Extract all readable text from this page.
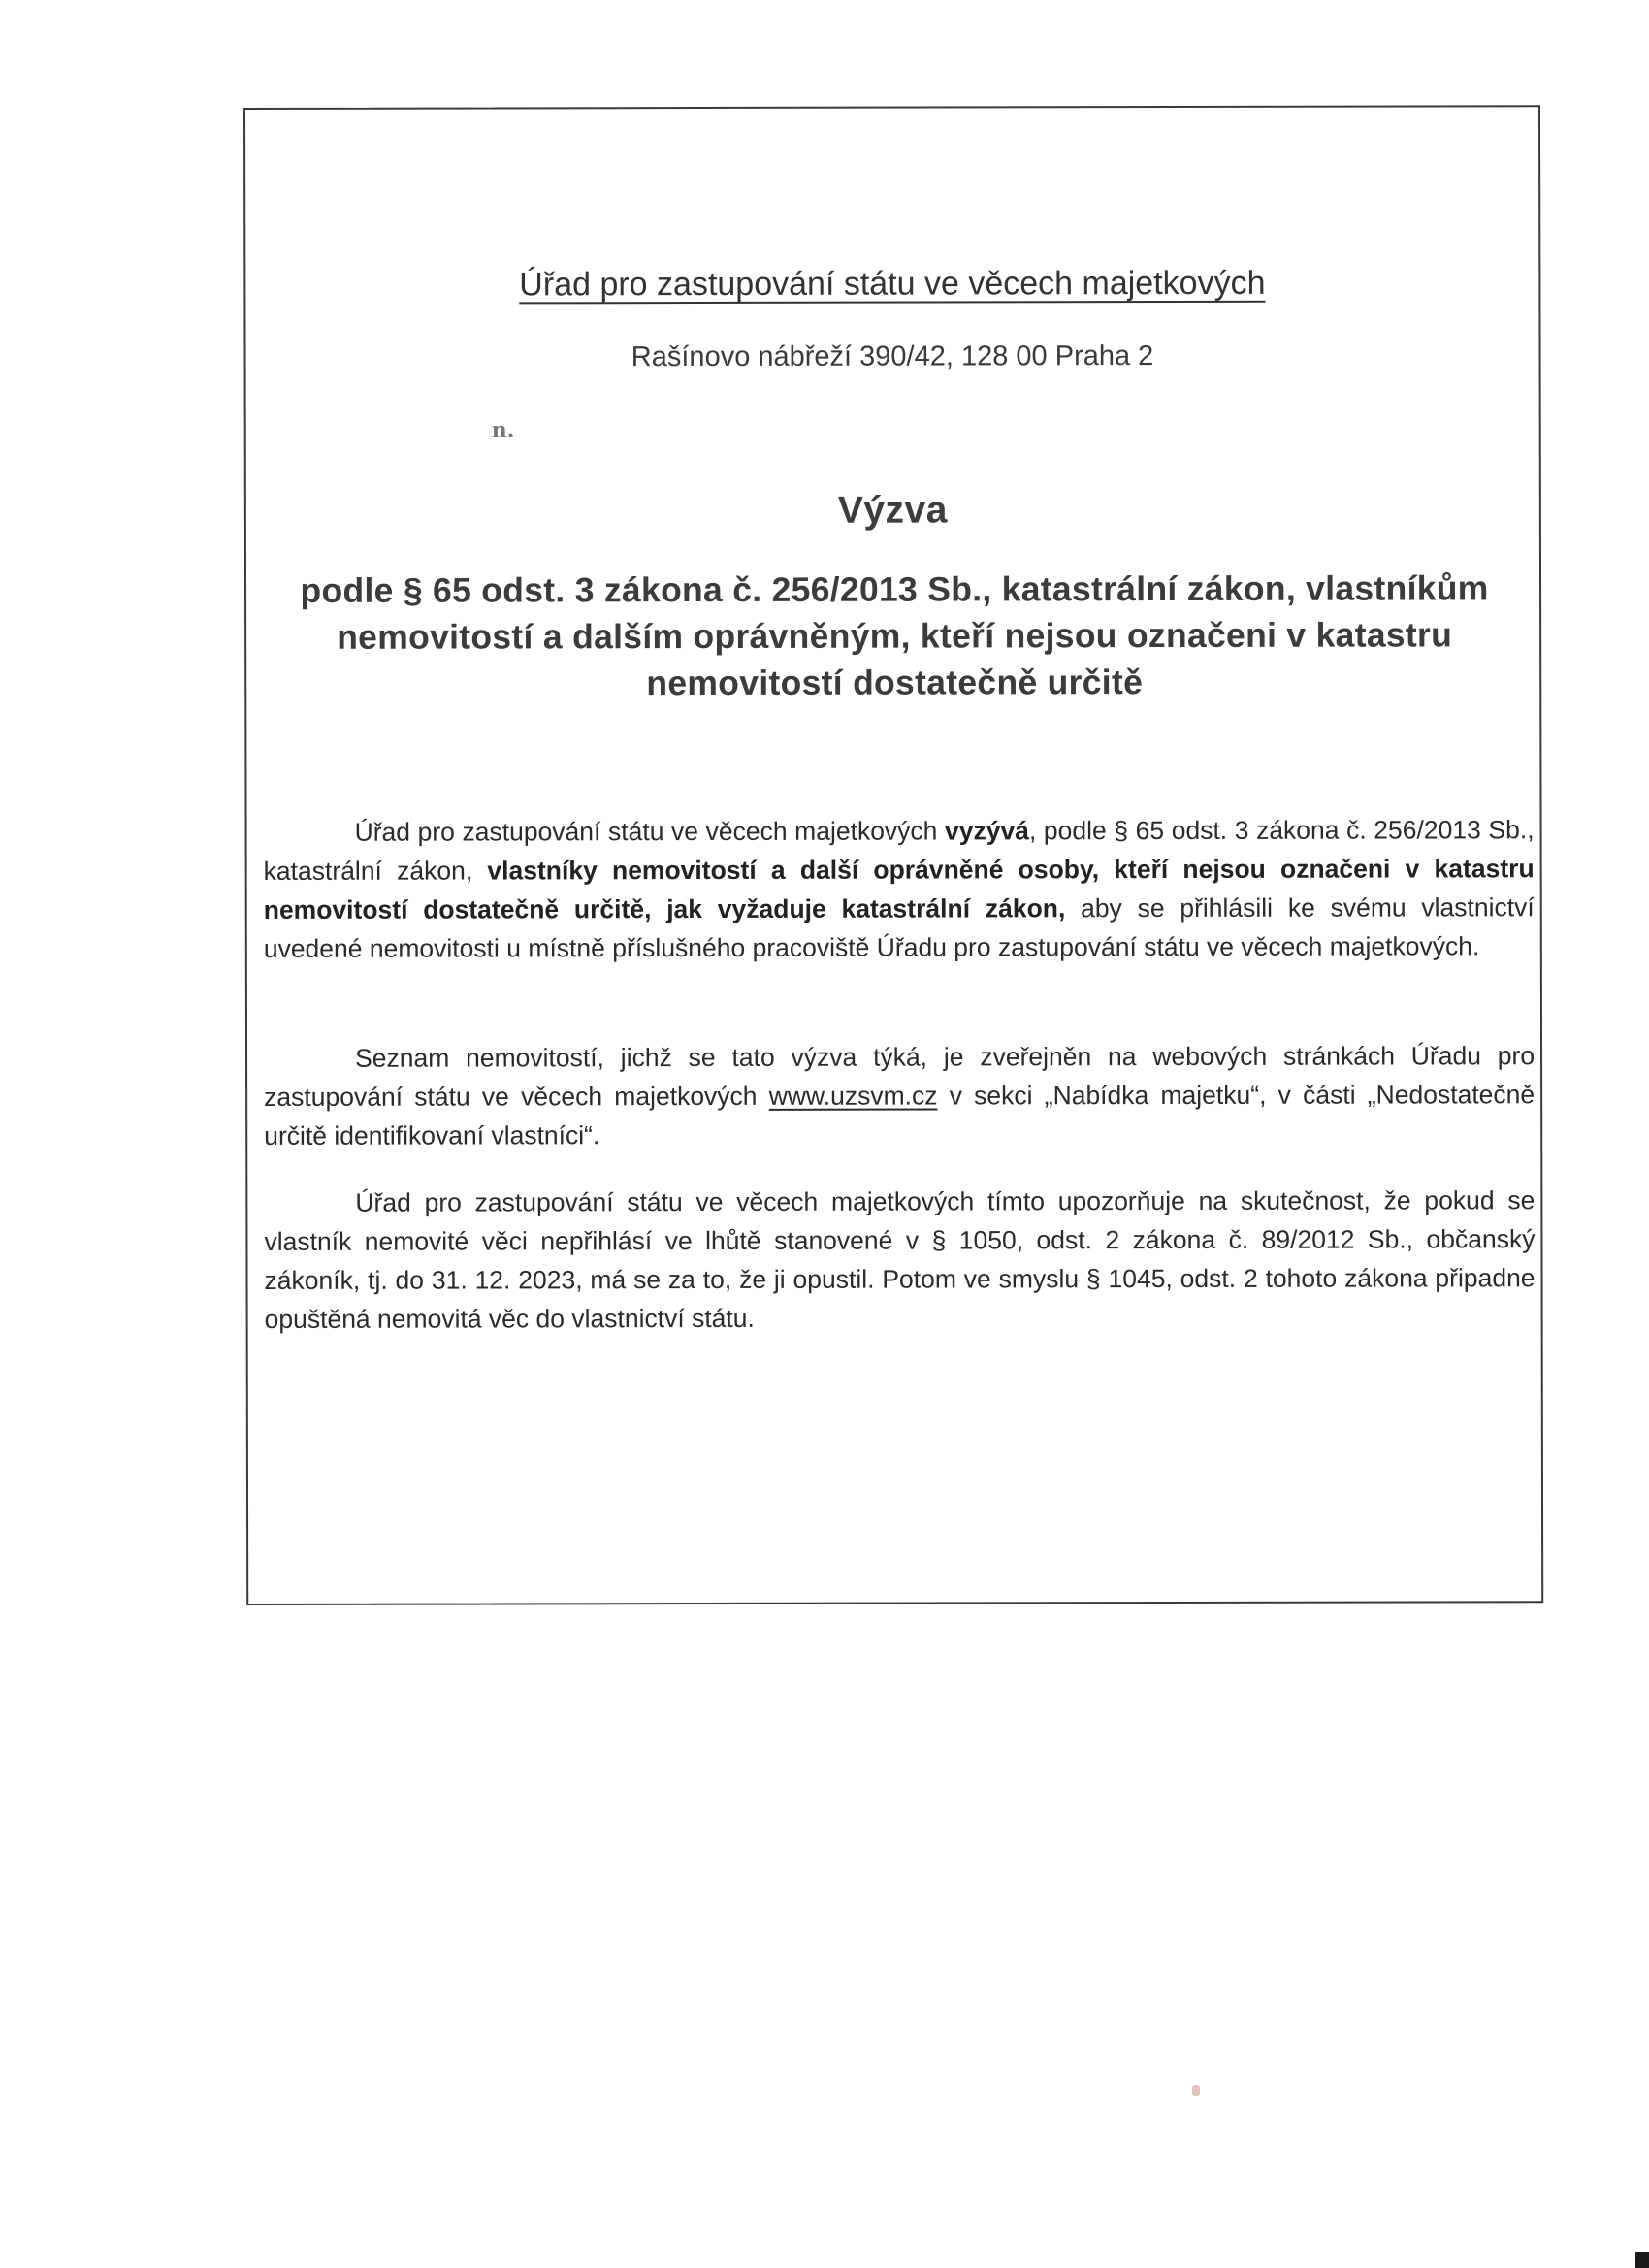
Úřad pro zastupování státu ve věcech majetkových
Rašínovo nábřeží 390/42, 128 00 Praha 2
n.
Výzva
podle § 65 odst. 3 zákona č. 256/2013 Sb., katastrální zákon, vlastníkům nemovitostí a dalším oprávněným, kteří nejsou označeni v katastru nemovitostí dostatečně určitě
Úřad pro zastupování státu ve věcech majetkových vyzývá, podle § 65 odst. 3 zákona č. 256/2013 Sb., katastrální zákon, vlastníky nemovitostí a další oprávněné osoby, kteří nejsou označeni v katastru nemovitostí dostatečně určitě, jak vyžaduje katastrální zákon, aby se přihlásili ke svému vlastnictví uvedené nemovitosti u místně příslušného pracoviště Úřadu pro zastupování státu ve věcech majetkových.
Seznam nemovitostí, jichž se tato výzva týká, je zveřejněn na webových stránkách Úřadu pro zastupování státu ve věcech majetkových www.uzsvm.cz v sekci „Nabídka majetku“, v části „Nedostatečně určitě identifikovaní vlastníci“.
Úřad pro zastupování státu ve věcech majetkových tímto upozorňuje na skutečnost, že pokud se vlastník nemovité věci nepřihlásí ve lhůtě stanovené v § 1050, odst. 2 zákona č. 89/2012 Sb., občanský zákoník, tj. do 31. 12. 2023, má se za to, že ji opustil. Potom ve smyslu § 1045, odst. 2 tohoto zákona připadne opuštěná nemovitá věc do vlastnictví státu.
